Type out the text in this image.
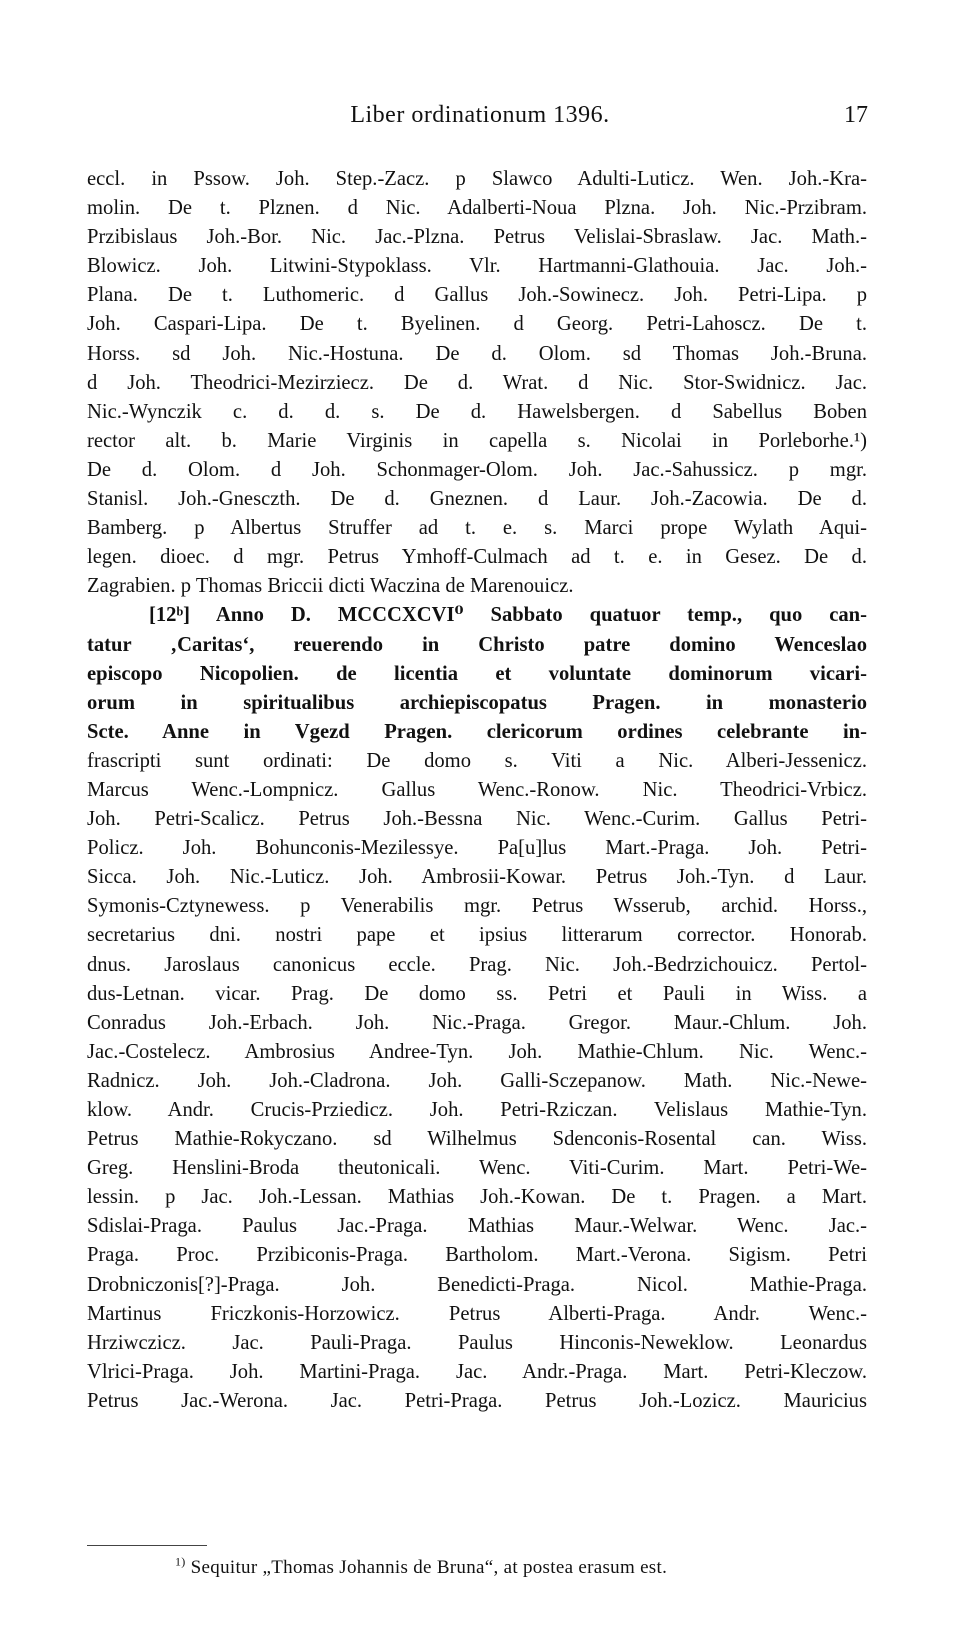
Liber ordinationum 1396.	17
eccl. in Pssow. Joh. Step.-Zacz. p Slawco Adulti-Luticz. Wen. Joh.-Kra-
molin. De t. Plznen. d Nic. Adalberti-Noua Plzna. Joh. Nic.-Przibram.
Przibislaus Joh.-Bor. Nic. Jac.-Plzna. Petrus Velislai-Sbraslaw. Jac. Math.-
Blowicz. Joh. Litwini-Stypoklass. Vlr. Hartmanni-Glathouia. Jac. Joh.-
Plana. De t. Luthomeric. d Gallus Joh.-Sowinecz. Joh. Petri-Lipa. p
Joh. Caspari-Lipa. De t. Byelinen. d Georg. Petri-Lahoscz. De t.
Horss. sd Joh. Nic.-Hostuna. De d. Olom. sd Thomas Joh.-Bruna.
d Joh. Theodrici-Mezirziecz. De d. Wrat. d Nic. Stor-Swidnicz. Jac.
Nic.-Wynczik c. d. d. s. De d. Hawelsbergen. d Sabellus Boben
rector alt. b. Marie Virginis in capella s. Nicolai in Porleborhe.¹)
De d. Olom. d Joh. Schonmager-Olom. Joh. Jac.-Sahussicz. p mgr.
Stanisl. Joh.-Gnesczth. De d. Gneznen. d Laur. Joh.-Zacowia. De d.
Bamberg. p Albertus Struffer ad t. e. s. Marci prope Wylath Aqui-
legen. dioec. d mgr. Petrus Ymhoff-Culmach ad t. e. in Gesez. De d.
Zagrabien. p Thomas Briccii dicti Waczina de Marenouicz.
[12ᵇ] Anno D. MCCCXCVI⁰ Sabbato quatuor temp., quo can-
tatur ‚Caritas‘, reuerendo in Christo patre domino Wenceslao
episcopo Nicopolien. de licentia et voluntate dominorum vicari-
orum in spiritualibus archiepiscopatus Pragen. in monasterio
Scte. Anne in Vgezd Pragen. clericorum ordines celebrante in-
frascripti sunt ordinati: De domo s. Viti a Nic. Alberi-Jessenicz.
Marcus Wenc.-Lompnicz. Gallus Wenc.-Ronow. Nic. Theodrici-Vrbicz.
Joh. Petri-Scalicz. Petrus Joh.-Bessna Nic. Wenc.-Curim. Gallus Petri-
Policz. Joh. Bohunconis-Mezilessye. Pa[u]lus Mart.-Praga. Joh. Petri-
Sicca. Joh. Nic.-Luticz. Joh. Ambrosii-Kowar. Petrus Joh.-Tyn. d Laur.
Symonis-Cztynewess. p Venerabilis mgr. Petrus Wsserub, archid. Horss.,
secretarius dni. nostri pape et ipsius litterarum corrector. Honorab.
dnus. Jaroslaus canonicus eccle. Prag. Nic. Joh.-Bedrzichouicz. Pertol-
dus-Letnan. vicar. Prag. De domo ss. Petri et Pauli in Wiss. a
Conradus Joh.-Erbach. Joh. Nic.-Praga. Gregor. Maur.-Chlum. Joh.
Jac.-Costelecz. Ambrosius Andree-Tyn. Joh. Mathie-Chlum. Nic. Wenc.-
Radnicz. Joh. Joh.-Cladrona. Joh. Galli-Sczepanow. Math. Nic.-Newe-
klow. Andr. Crucis-Prziedicz. Joh. Petri-Rziczan. Velislaus Mathie-Tyn.
Petrus Mathie-Rokyczano. sd Wilhelmus Sdenconis-Rosental can. Wiss.
Greg. Henslini-Broda theutonicali. Wenc. Viti-Curim. Mart. Petri-We-
lessin. p Jac. Joh.-Lessan. Mathias Joh.-Kowan. De t. Pragen. a Mart.
Sdislai-Praga. Paulus Jac.-Praga. Mathias Maur.-Welwar. Wenc. Jac.-
Praga. Proc. Przibiconis-Praga. Bartholom. Mart.-Verona. Sigism. Petri
Drobniczonis[?]-Praga. Joh. Benedicti-Praga. Nicol. Mathie-Praga.
Martinus Friczkonis-Horzowicz. Petrus Alberti-Praga. Andr. Wenc.-
Hrziwczicz. Jac. Pauli-Praga. Paulus Hinconis-Neweklow. Leonardus
Vlrici-Praga. Joh. Martini-Praga. Jac. Andr.-Praga. Mart. Petri-Kleczow.
Petrus Jac.-Werona. Jac. Petri-Praga. Petrus Joh.-Lozicz. Mauricius
$^{1)}$ Sequitur „Thomas Johannis de Bruna“, at postea erasum est.
